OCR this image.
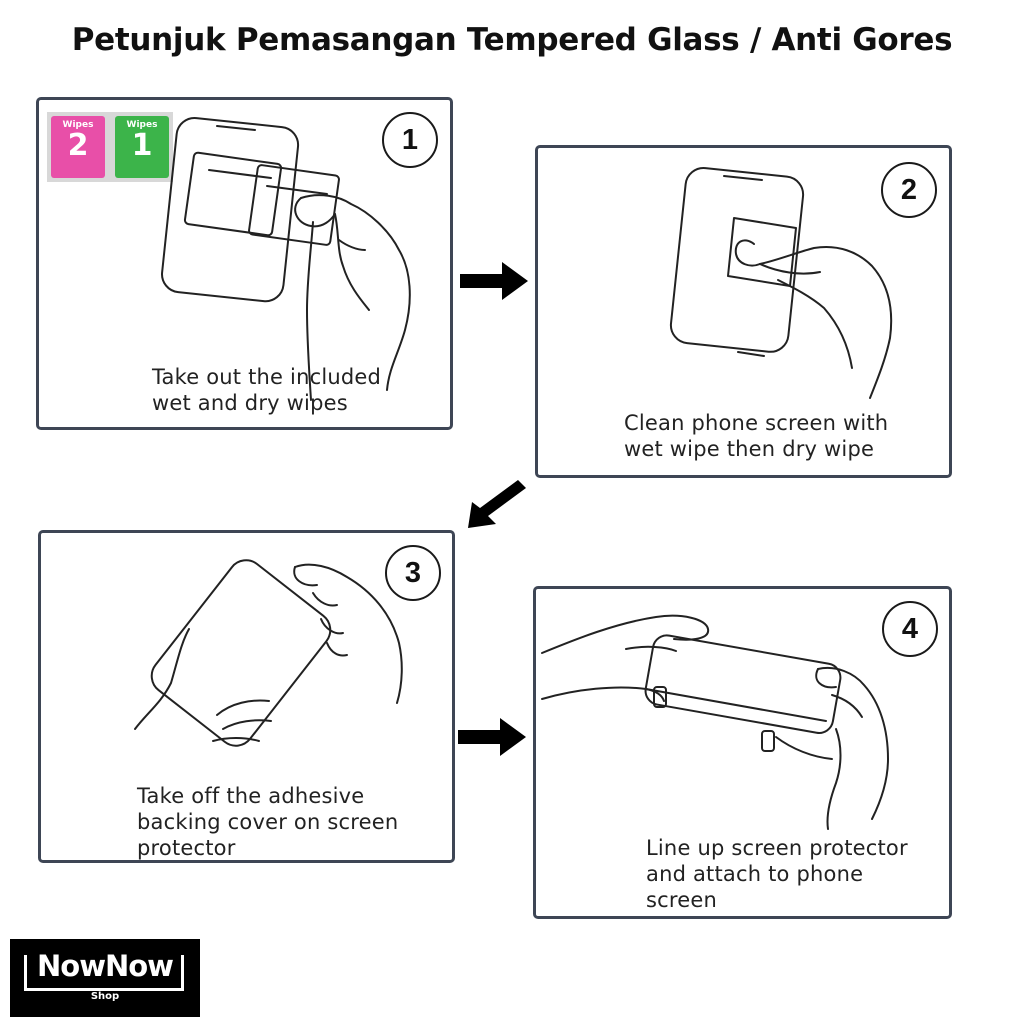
Petunjuk Pemasangan Tempered Glass / Anti Gores
Wipes
2
Wipes
1
Take out the included
wet and dry wipes
1
Clean phone screen with
wet wipe then dry wipe
2
Take off the adhesive
backing cover on screen
protector
3
Line up screen protector
and attach to phone
screen
4
NowNow
Shop
